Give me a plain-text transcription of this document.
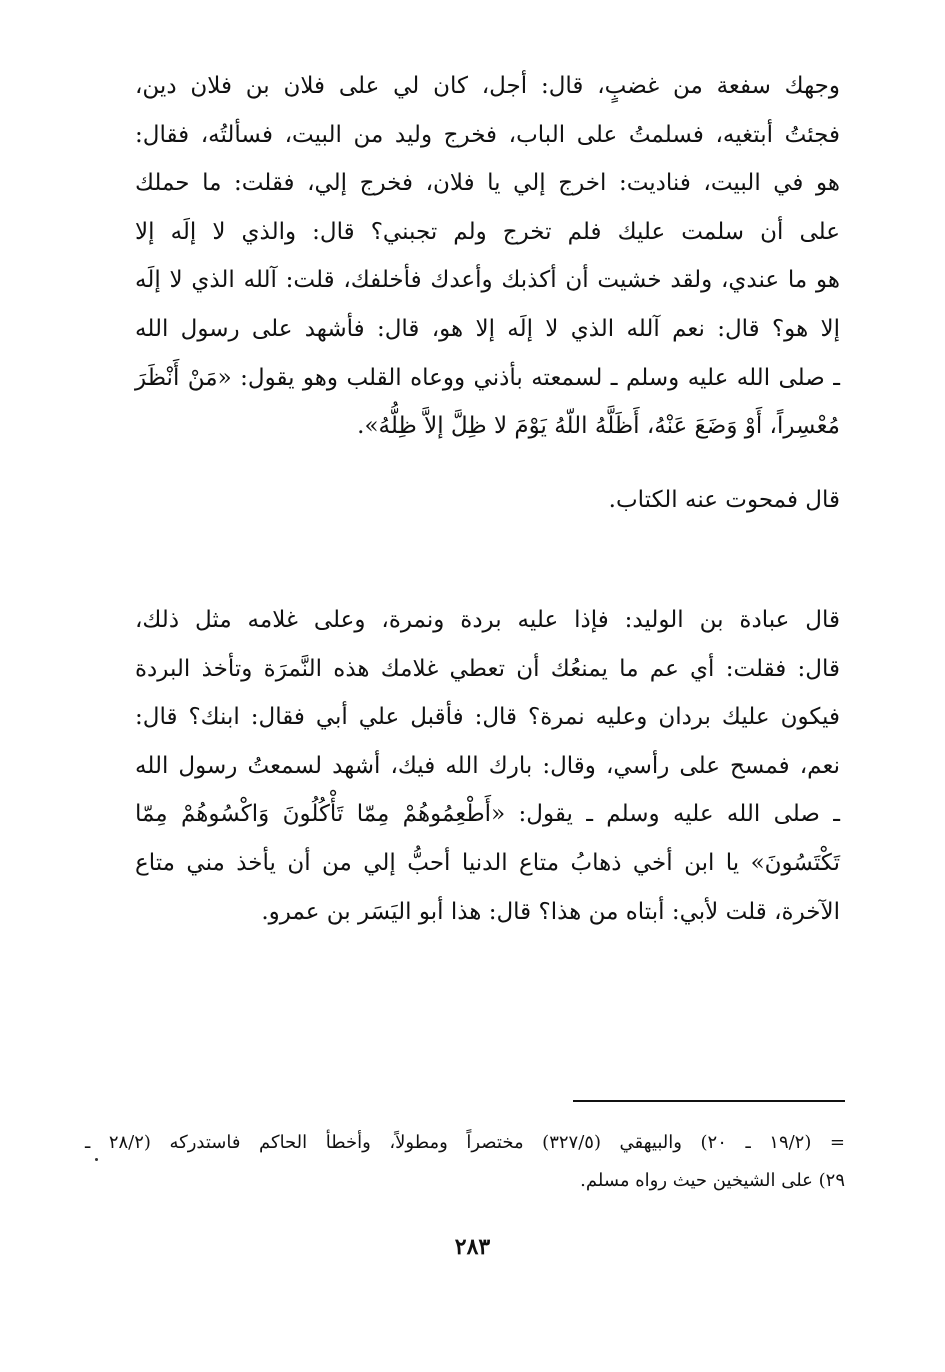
وجهك سفعة من غضبٍ، قال: أجل، كان لي على فلان بن فلان دين،
فجئتُ أبتغيه، فسلمتُ على الباب، فخرج وليد من البيت، فسألتُه، فقال:
هو في البيت، فناديت: اخرج إلي يا فلان، فخرج إلي، فقلت: ما حملك
على أن سلمت عليك فلم تخرج ولم تجبني؟ قال: والذي لا إلَه إلا
هو ما عندي، ولقد خشيت أن أكذبك وأعدك فأخلفك، قلت: آلله الذي لا إلَه
إلا هو؟ قال: نعم آلله الذي لا إلَه إلا هو، قال: فأشهد على رسول الله
ـ صلى الله عليه وسلم ـ لسمعته بأذني ووعاه القلب وهو يقول: «مَنْ أَنْظَرَ
مُعْسِراً، أَوْ وَضَعَ عَنْهُ، أَظَلَّهُ اللّهُ يَوْمَ لا ظِلَّ إلاَّ ظِلُّهُ».
قال فمحوت عنه الكتاب.
قال عبادة بن الوليد: فإذا عليه بردة ونمرة، وعلى غلامه مثل ذلك،
قال: فقلت: أي عم ما يمنعُك أن تعطي غلامك هذه النَّمرَة وتأخذ البردة
فيكون عليك بردان وعليه نمرة؟ قال: فأقبل علي أبي فقال: ابنك؟ قال:
نعم، فمسح على رأسي، وقال: بارك الله فيك، أشهد لسمعتُ رسول الله
ـ صلى الله عليه وسلم ـ يقول: «أَطْعِمُوهُمْ مِمّا تَأْكُلُونَ وَاكْسُوهُمْ مِمّا
تَكْتَسُونَ» يا ابن أخي ذهابُ متاع الدنيا أحبُّ إلي من أن يأخذ مني متاع
الآخرة، قلت لأبي: أبتاه من هذا؟ قال: هذا أبو اليَسَر بن عمرو.
= (١٩/٢ ـ ٢٠) والبيهقي (٣٢٧/٥) مختصراً ومطولاً، وأخطأ الحاكم فاستدركه (٢٨/٢ ـ
٢٩) على الشيخين حيث رواه مسلم.
٢٨٣
